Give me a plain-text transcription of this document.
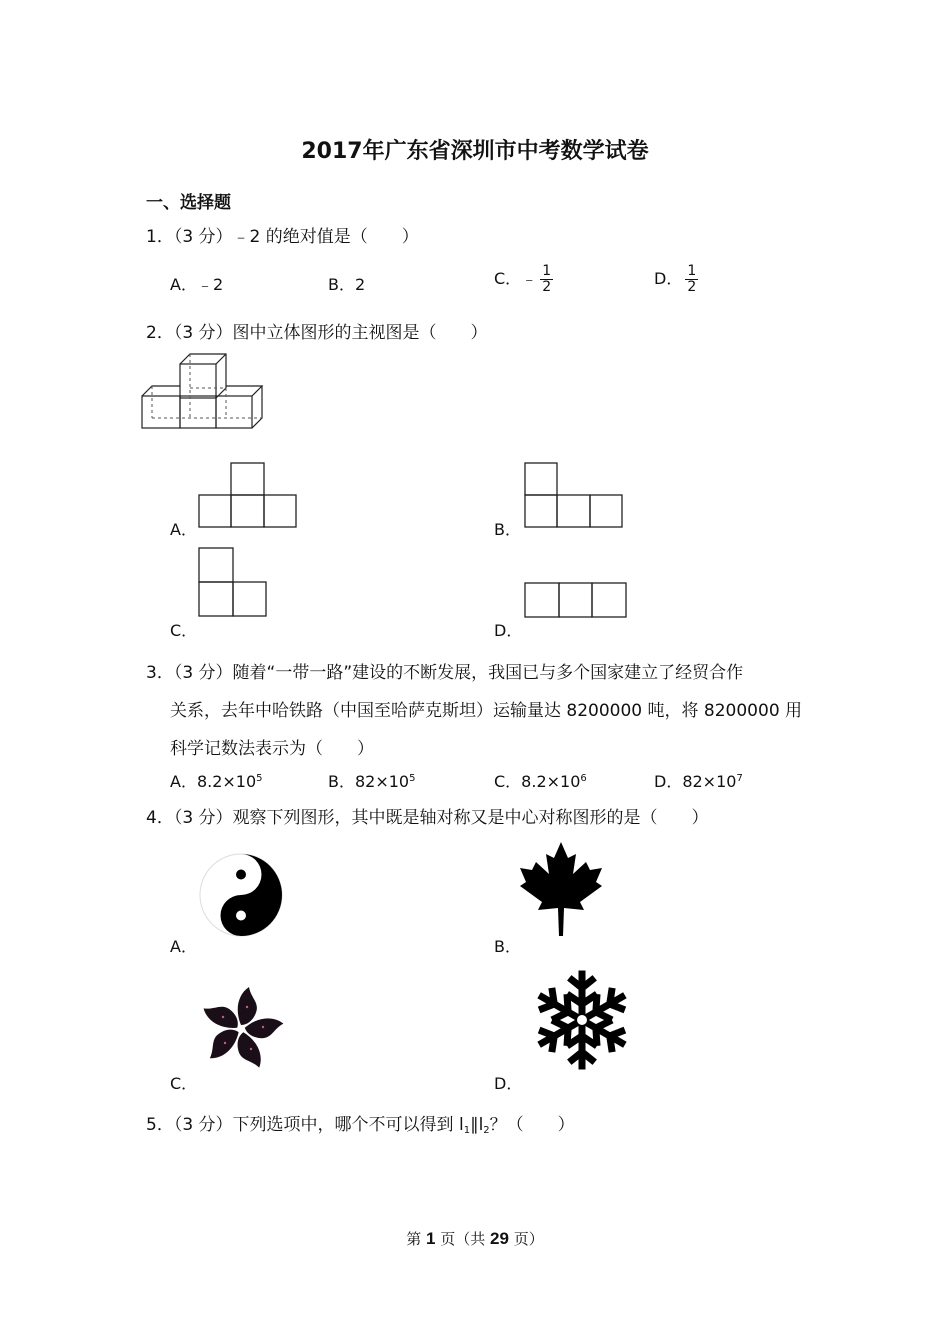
2017年广东省深圳市中考数学试卷
一、选择题
1．（3 分）﹣2 的绝对值是（　　）
A．﹣2	B．2	C．﹣ $\frac{1}{2}$	D． $\frac{1}{2}$
2．（3 分）图中立体图形的主视图是（　　）
A．	B．
C．	D．
3．（3 分）随着“一带一路”建设的不断发展，我国已与多个国家建立了经贸合作
关系，去年中哈铁路（中国至哈萨克斯坦）运输量达 8200000 吨，将 8200000 用
科学记数法表示为（　　）
A．$8.2\times 10^5$	B．$82\times 10^5$	C．$8.2\times 10^6$	D．$82\times 10^7$
4．（3 分）观察下列图形，其中既是轴对称又是中心对称图形的是（　　）
A．	B．
C．	D．
5．（3 分）下列选项中，哪个不可以得到 $l_1\parallel l_2$？（　　）
第 1 页（共 29 页）
